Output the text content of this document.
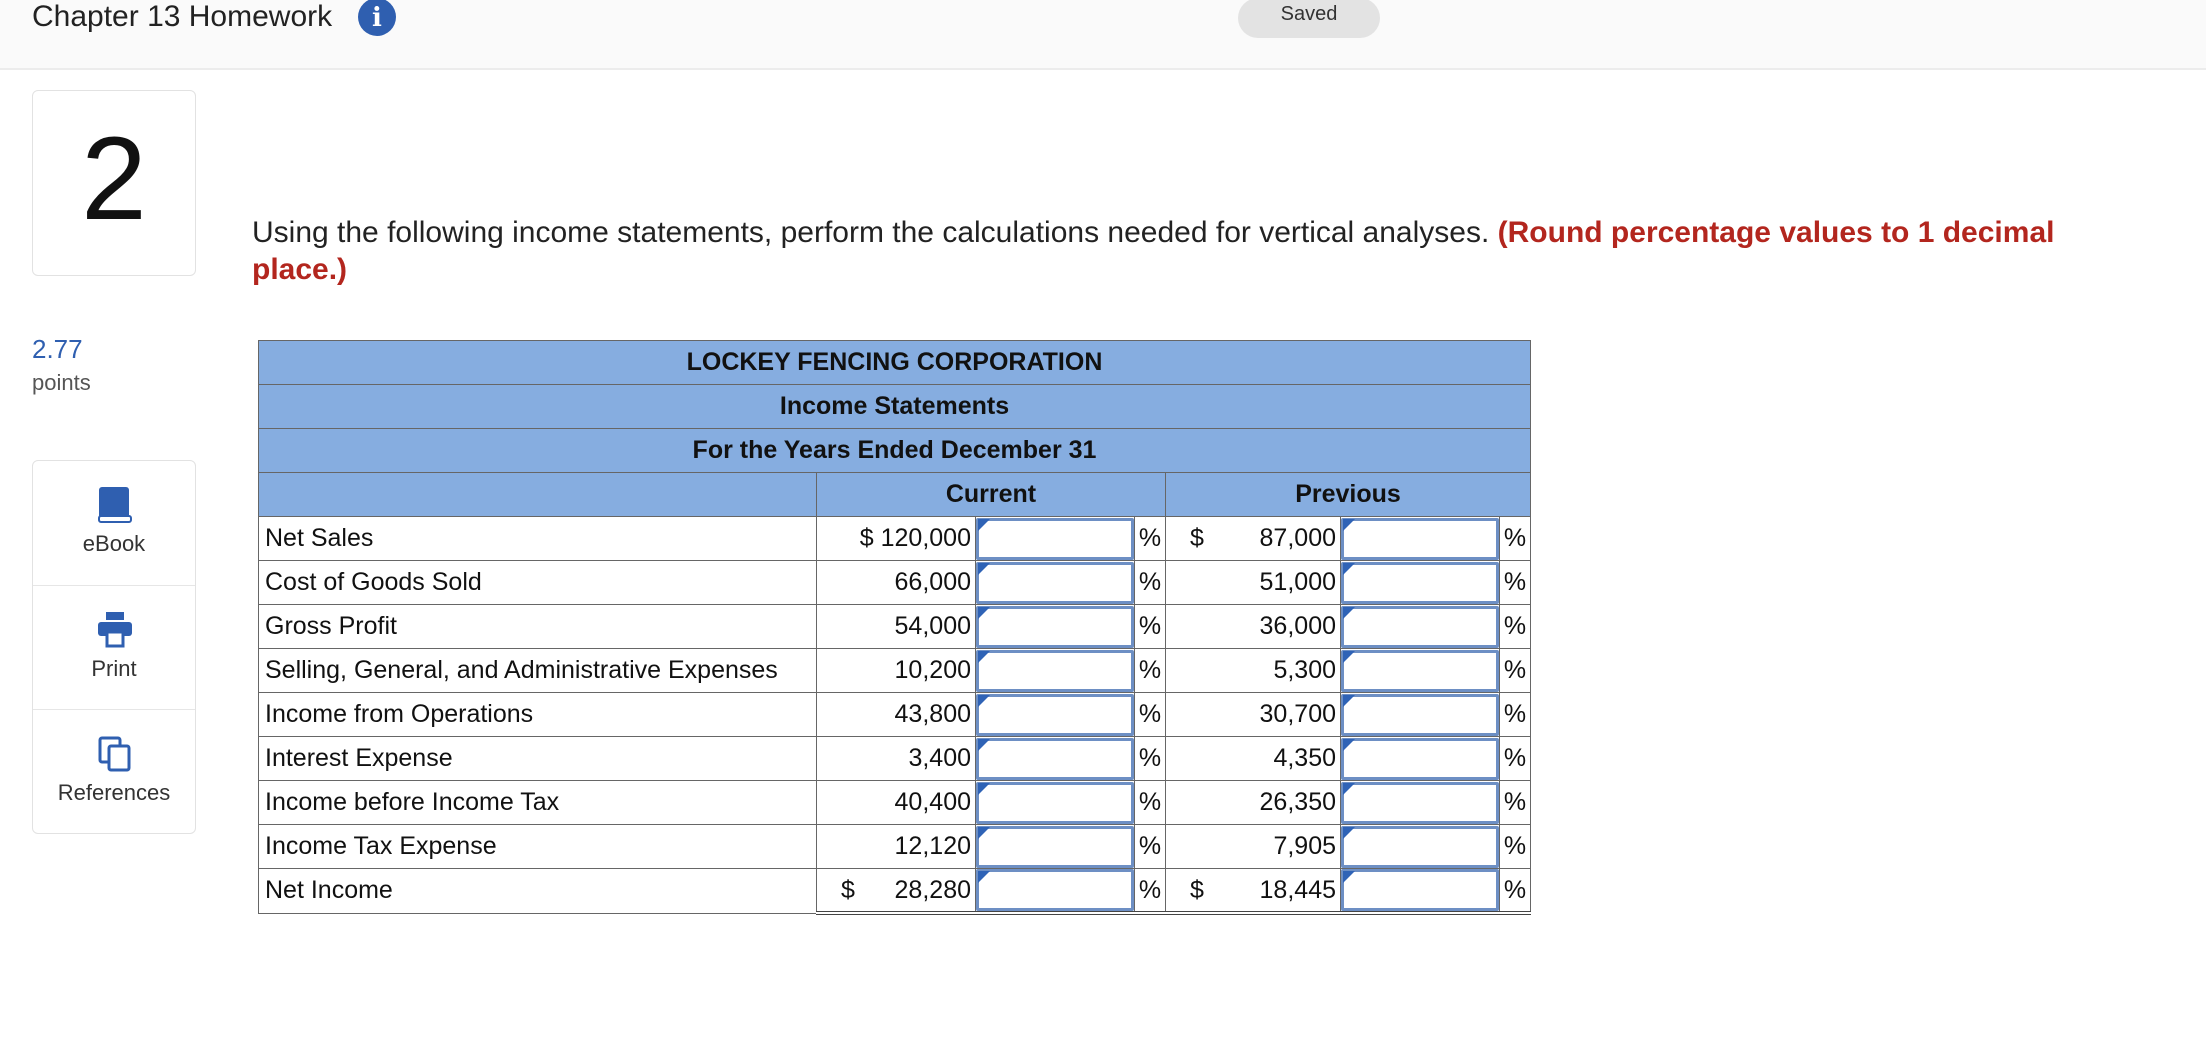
Chapter 13 Homework	i	Saved
2
2.77
points
eBook
Print
References
Using the following income statements, perform the calculations needed for vertical analyses. (Round percentage values to 1 decimal place.)
LOCKEY FENCING CORPORATION						
Income Statements						
For the Years Ended December 31						
	Current			Previous		
Net Sales	$ 120,000		%	$ 87,000		%
Cost of Goods Sold	66,000		%	51,000		%
Gross Profit	54,000		%	36,000		%
Selling, General, and Administrative Expenses	10,200		%	5,300		%
Income from Operations	43,800		%	30,700		%
Interest Expense	3,400		%	4,350		%
Income before Income Tax	40,400		%	26,350		%
Income Tax Expense	12,120		%	7,905		%
Net Income	$ 28,280		%	$ 18,445		%
